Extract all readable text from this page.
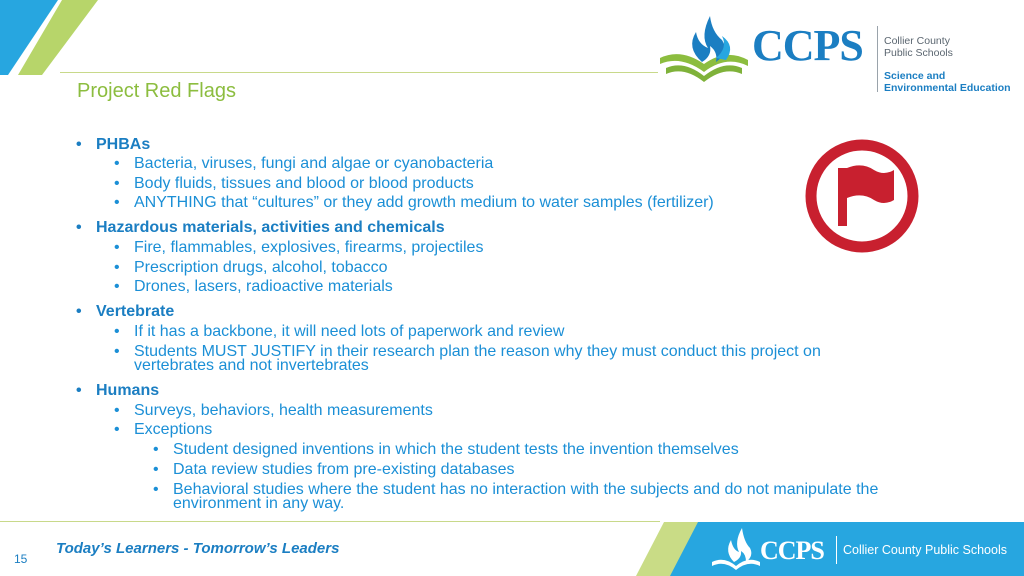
Project Red Flags
CCPS Collier County
Public Schools
Science and
Environmental Education
• PHBAs
• Bacteria, viruses, fungi and algae or cyanobacteria
• Body fluids, tissues and blood or blood products
• ANYTHING that “cultures” or they add growth medium to water samples (fertilizer)
• Hazardous materials, activities and chemicals
• Fire, flammables, explosives, firearms, projectiles
• Prescription drugs, alcohol, tobacco
• Drones, lasers, radioactive materials
• Vertebrate
• If it has a backbone, it will need lots of paperwork and review
• Students MUST JUSTIFY in their research plan the reason why they must conduct this project on
vertebrates and not invertebrates
• Humans
• Surveys, behaviors, health measurements
• Exceptions
• Student designed inventions in which the student tests the invention themselves
• Data review studies from pre-existing databases
• Behavioral studies where the student has no interaction with the subjects and do not manipulate the
environment in any way.
Today’s Learners - Tomorrow’s Leaders
15	CCPS Collier County Public Schools
